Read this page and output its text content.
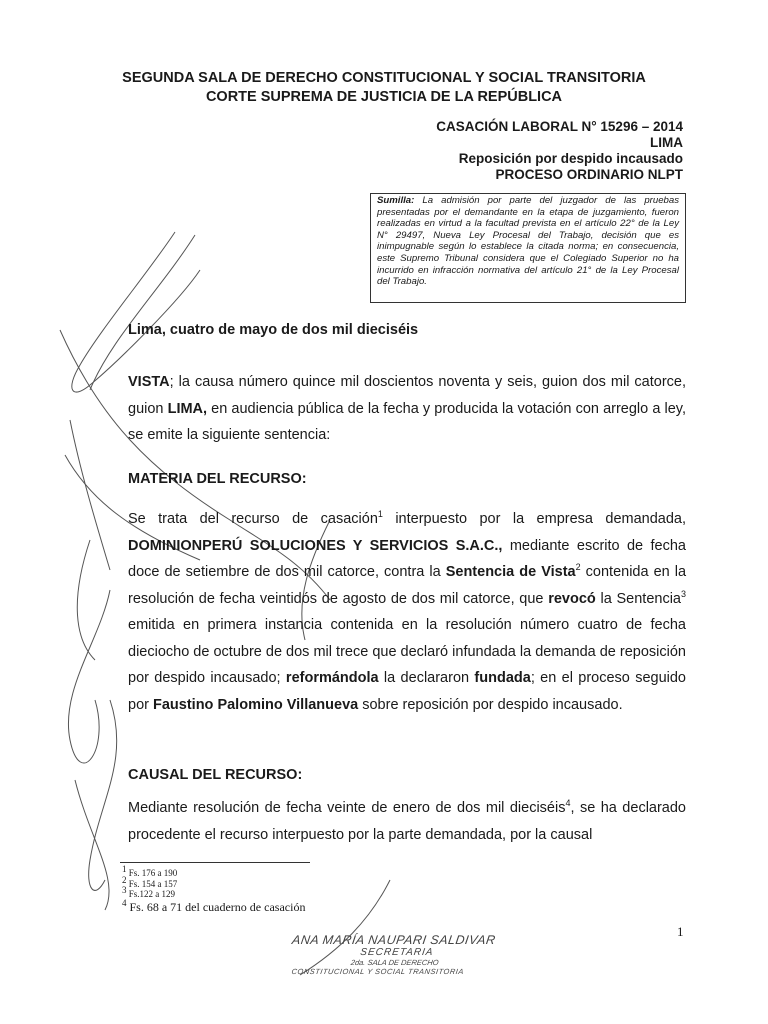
SEGUNDA SALA DE DERECHO CONSTITUCIONAL Y SOCIAL TRANSITORIA
CORTE SUPREMA DE JUSTICIA DE LA REPÚBLICA
CASACIÓN LABORAL N° 15296 – 2014
LIMA
Reposición por despido incausado
PROCESO ORDINARIO NLPT
Sumilla: La admisión por parte del juzgador de las pruebas presentadas por el demandante en la etapa de juzgamiento, fueron realizadas en virtud a la facultad prevista en el artículo 22° de la Ley N° 29497, Nueva Ley Procesal del Trabajo, decisión que es inimpugnable según lo establece la citada norma; en consecuencia, este Supremo Tribunal considera que el Colegiado Superior no ha incurrido en infracción normativa del artículo 21° de la Ley Procesal del Trabajo.
Lima, cuatro de mayo de dos mil dieciséis
VISTA; la causa número quince mil doscientos noventa y seis, guion dos mil catorce, guion LIMA, en audiencia pública de la fecha y producida la votación con arreglo a ley, se emite la siguiente sentencia:
MATERIA DEL RECURSO:
Se trata del recurso de casación$^1$ interpuesto por la empresa demandada, DOMINIONPERÚ SOLUCIONES Y SERVICIOS S.A.C., mediante escrito de fecha doce de setiembre de dos mil catorce, contra la Sentencia de Vista$^2$ contenida en la resolución de fecha veintidós de agosto de dos mil catorce, que revocó la Sentencia$^3$ emitida en primera instancia contenida en la resolución número cuatro de fecha dieciocho de octubre de dos mil trece que declaró infundada la demanda de reposición por despido incausado; reformándola la declararon fundada; en el proceso seguido por Faustino Palomino Villanueva sobre reposición por despido incausado.
CAUSAL DEL RECURSO:
Mediante resolución de fecha veinte de enero de dos mil dieciséis$^4$, se ha declarado procedente el recurso interpuesto por la parte demandada, por la causal
$^1$ Fs. 176 a 190
$^2$ Fs. 154 a 157
$^3$ Fs.122 a 129
$^4$ Fs. 68 a 71 del cuaderno de casación
1
ANA MARÍA NAUPARI SALDIVAR
SECRETARIA
2da. SALA DE DERECHO
CONSTITUCIONAL Y SOCIAL TRANSITORIA
